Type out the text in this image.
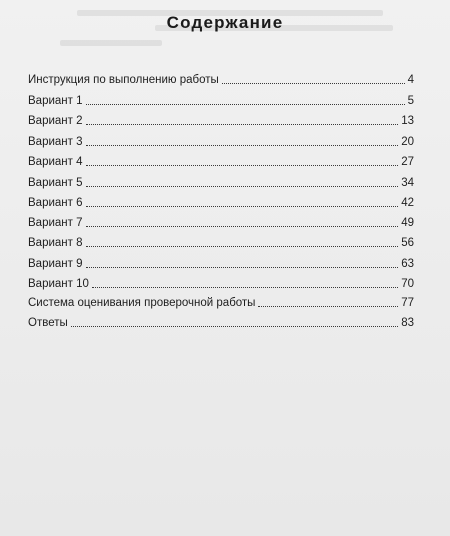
Содержание
Инструкция по выполнению работы	4
Вариант 1	5
Вариант 2	13
Вариант 3	20
Вариант 4	27
Вариант 5	34
Вариант 6	42
Вариант 7	49
Вариант 8	56
Вариант 9	63
Вариант 10	70
Система оценивания проверочной работы	77
Ответы	83
